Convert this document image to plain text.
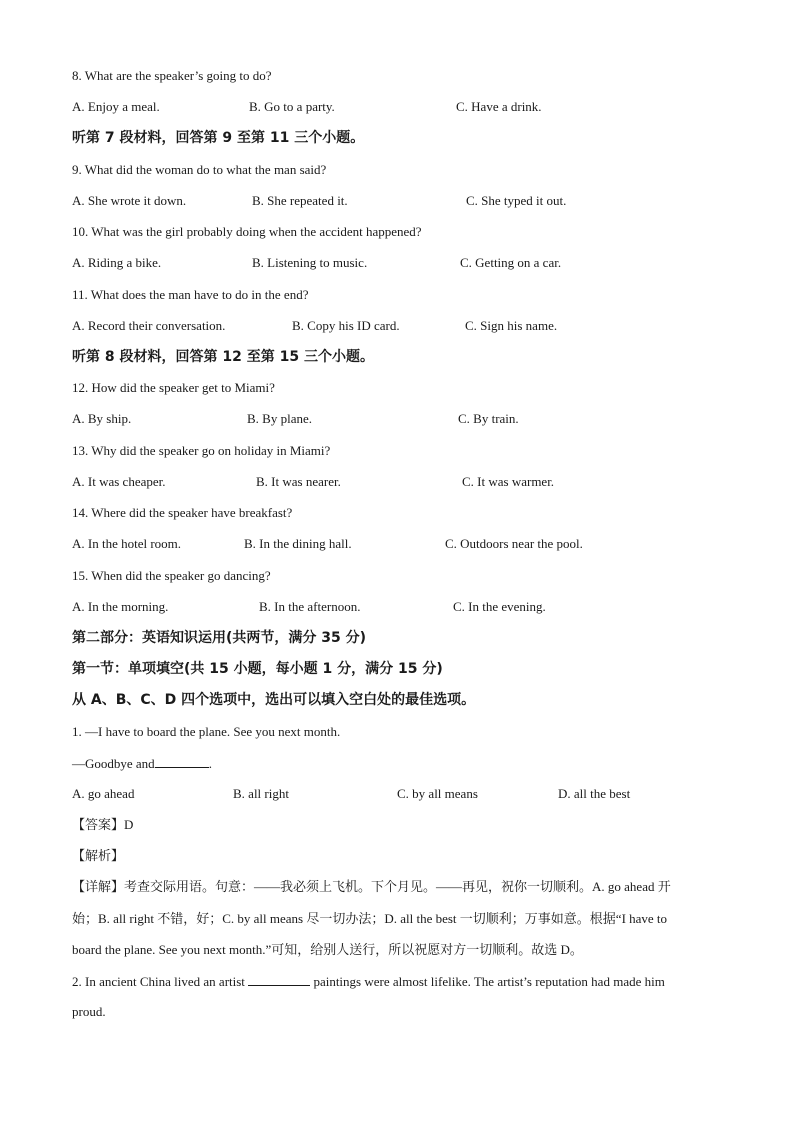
8. What are the speaker’s going to do?
A. Enjoy a meal.	B. Go to a party.	C. Have a drink.
听第 7 段材料，回答第 9 至第 11 三个小题。
9. What did the woman do to what the man said?
A. She wrote it down.	B. She repeated it.	C. She typed it out.
10. What was the girl probably doing when the accident happened?
A. Riding a bike.	B. Listening to music.	C. Getting on a car.
11. What does the man have to do in the end?
A. Record their conversation.	B. Copy his ID card.	C. Sign his name.
听第 8 段材料，回答第 12 至第 15 三个小题。
12. How did the speaker get to Miami?
A. By ship.	B. By plane.	C. By train.
13. Why did the speaker go on holiday in Miami?
A. It was cheaper.	B. It was nearer.	C. It was warmer.
14. Where did the speaker have breakfast?
A. In the hotel room.	B. In the dining hall.	C. Outdoors near the pool.
15. When did the speaker go dancing?
A. In the morning.	B. In the afternoon.	C. In the evening.
第二部分：英语知识运用(共两节，满分 35 分)
第一节：单项填空(共 15 小题，每小题 1 分，满分 15 分)
从 A、B、C、D 四个选项中，选出可以填入空白处的最佳选项。
1. —I have to board the plane. See you next month.
—Goodbye and	.
A. go ahead	B. all right	C. by all means	D. all the best
【答案】D
【解析】
【详解】考查交际用语。句意：——我必须上飞机。下个月见。——再见，祝你一切顺利。A. go ahead 开
始；B. all right 不错，好；C. by all means 尽一切办法；D. all the best 一切顺利；万事如意。根据“I have to
board the plane. See you next month.”可知，给别人送行，所以祝愿对方一切顺利。故选 D。
2. In ancient China lived an artist	paintings were almost lifelike. The artist’s reputation had made him
proud.
